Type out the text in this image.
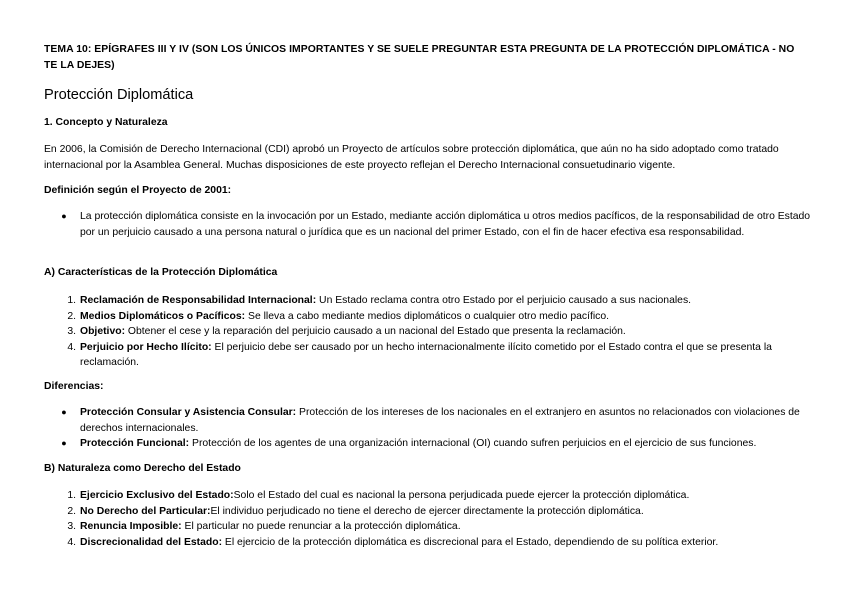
TEMA 10: EPÍGRAFES III Y IV (SON LOS ÚNICOS IMPORTANTES Y SE SUELE PREGUNTAR ESTA PREGUNTA DE LA PROTECCIÓN DIPLOMÁTICA - NO TE LA DEJES)
Protección Diplomática
1. Concepto y Naturaleza

En 2006, la Comisión de Derecho Internacional (CDI) aprobó un Proyecto de artículos sobre protección diplomática, que aún no ha sido adoptado como tratado internacional por la Asamblea General. Muchas disposiciones de este proyecto reflejan el Derecho Internacional consuetudinario vigente.

Definición según el Proyecto de 2001:
● La protección diplomática consiste en la invocación por un Estado, mediante acción diplomática u otros medios pacíficos, de la responsabilidad de otro Estado por un perjuicio causado a una persona natural o jurídica que es un nacional del primer Estado, con el fin de hacer efectiva esa responsabilidad.
A) Características de la Protección Diplomática
1. Reclamación de Responsabilidad Internacional: Un Estado reclama contra otro Estado por el perjuicio causado a sus nacionales.
2. Medios Diplomáticos o Pacíficos: Se lleva a cabo mediante medios diplomáticos o cualquier otro medio pacífico.
3. Objetivo: Obtener el cese y la reparación del perjuicio causado a un nacional del Estado que presenta la reclamación.
4. Perjuicio por Hecho Ilícito: El perjuicio debe ser causado por un hecho internacionalmente ilícito cometido por el Estado contra el que se presenta la reclamación.
Diferencias:
● Protección Consular y Asistencia Consular: Protección de los intereses de los nacionales en el extranjero en asuntos no relacionados con violaciones de derechos internacionales.
● Protección Funcional: Protección de los agentes de una organización internacional (OI) cuando sufren perjuicios en el ejercicio de sus funciones.
B) Naturaleza como Derecho del Estado
1. Ejercicio Exclusivo del Estado:Solo el Estado del cual es nacional la persona perjudicada puede ejercer la protección diplomática.
2. No Derecho del Particular:El individuo perjudicado no tiene el derecho de ejercer directamente la protección diplomática.
3. Renuncia Imposible: El particular no puede renunciar a la protección diplomática.
4. Discrecionalidad del Estado: El ejercicio de la protección diplomática es discrecional para el Estado, dependiendo de su política exterior.
